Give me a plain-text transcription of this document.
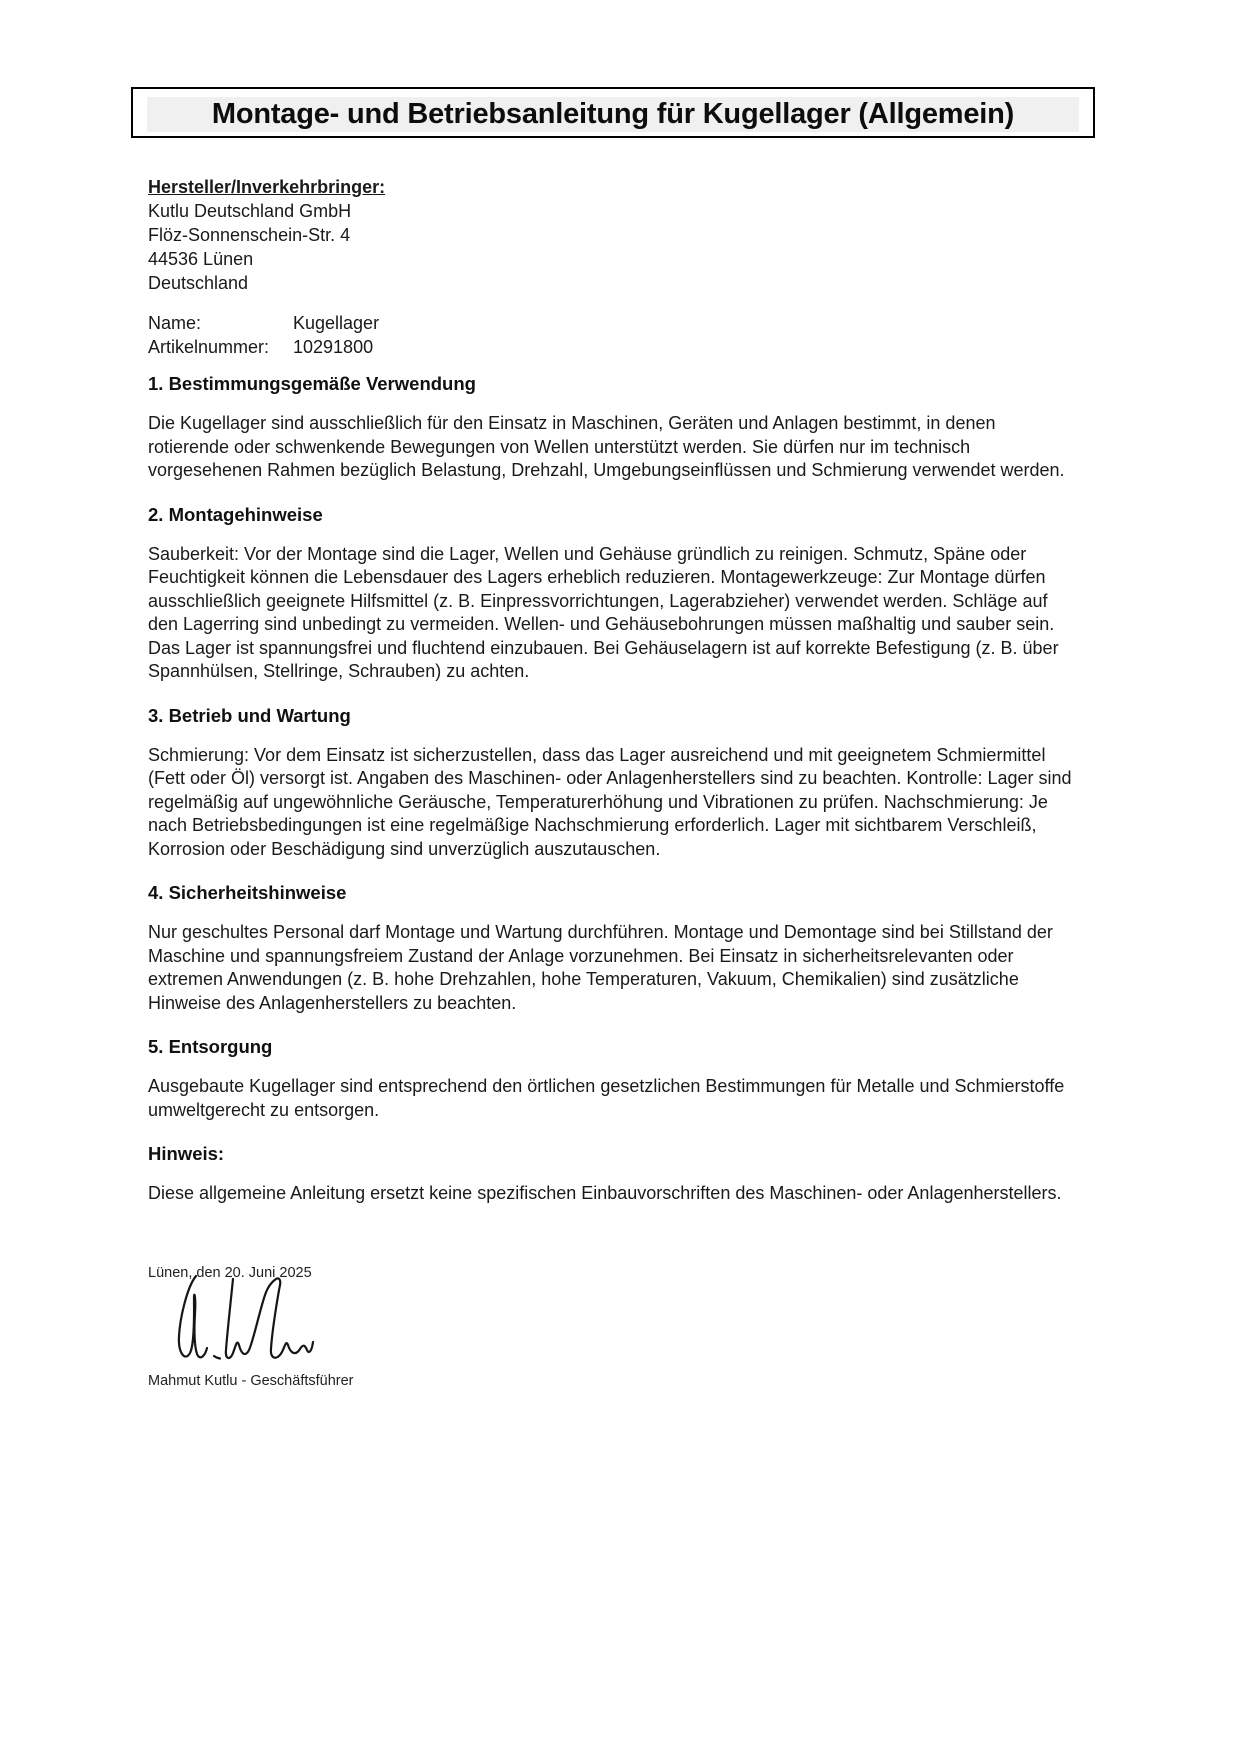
Montage- und Betriebsanleitung für Kugellager (Allgemein)
Hersteller/Inverkehrbringer:
Kutlu Deutschland GmbH
Flöz-Sonnenschein-Str. 4
44536 Lünen
Deutschland
Name:	Kugellager
Artikelnummer:	10291800
1. Bestimmungsgemäße Verwendung
Die Kugellager sind ausschließlich für den Einsatz in Maschinen, Geräten und Anlagen bestimmt, in denen rotierende oder schwenkende Bewegungen von Wellen unterstützt werden. Sie dürfen nur im technisch vorgesehenen Rahmen bezüglich Belastung, Drehzahl, Umgebungseinflüssen und Schmierung verwendet werden.
2. Montagehinweise
Sauberkeit: Vor der Montage sind die Lager, Wellen und Gehäuse gründlich zu reinigen. Schmutz, Späne oder Feuchtigkeit können die Lebensdauer des Lagers erheblich reduzieren. Montagewerkzeuge: Zur Montage dürfen ausschließlich geeignete Hilfsmittel (z. B. Einpressvorrichtungen, Lagerabzieher) verwendet werden. Schläge auf den Lagerring sind unbedingt zu vermeiden. Wellen- und Gehäusebohrungen müssen maßhaltig und sauber sein. Das Lager ist spannungsfrei und fluchtend einzubauen. Bei Gehäuselagern ist auf korrekte Befestigung (z. B. über Spannhülsen, Stellringe, Schrauben) zu achten.
3. Betrieb und Wartung
Schmierung: Vor dem Einsatz ist sicherzustellen, dass das Lager ausreichend und mit geeignetem Schmiermittel (Fett oder Öl) versorgt ist. Angaben des Maschinen- oder Anlagenherstellers sind zu beachten. Kontrolle: Lager sind regelmäßig auf ungewöhnliche Geräusche, Temperaturerhöhung und Vibrationen zu prüfen. Nachschmierung: Je nach Betriebsbedingungen ist eine regelmäßige Nachschmierung erforderlich. Lager mit sichtbarem Verschleiß, Korrosion oder Beschädigung sind unverzüglich auszutauschen.
4. Sicherheitshinweise
Nur geschultes Personal darf Montage und Wartung durchführen. Montage und Demontage sind bei Stillstand der Maschine und spannungsfreiem Zustand der Anlage vorzunehmen. Bei Einsatz in sicherheitsrelevanten oder extremen Anwendungen (z. B. hohe Drehzahlen, hohe Temperaturen, Vakuum, Chemikalien) sind zusätzliche Hinweise des Anlagenherstellers zu beachten.
5. Entsorgung
Ausgebaute Kugellager sind entsprechend den örtlichen gesetzlichen Bestimmungen für Metalle und Schmierstoffe umweltgerecht zu entsorgen.
Hinweis:
Diese allgemeine Anleitung ersetzt keine spezifischen Einbauvorschriften des Maschinen- oder Anlagenherstellers.
Lünen, den 20. Juni 2025
Mahmut Kutlu - Geschäftsführer
